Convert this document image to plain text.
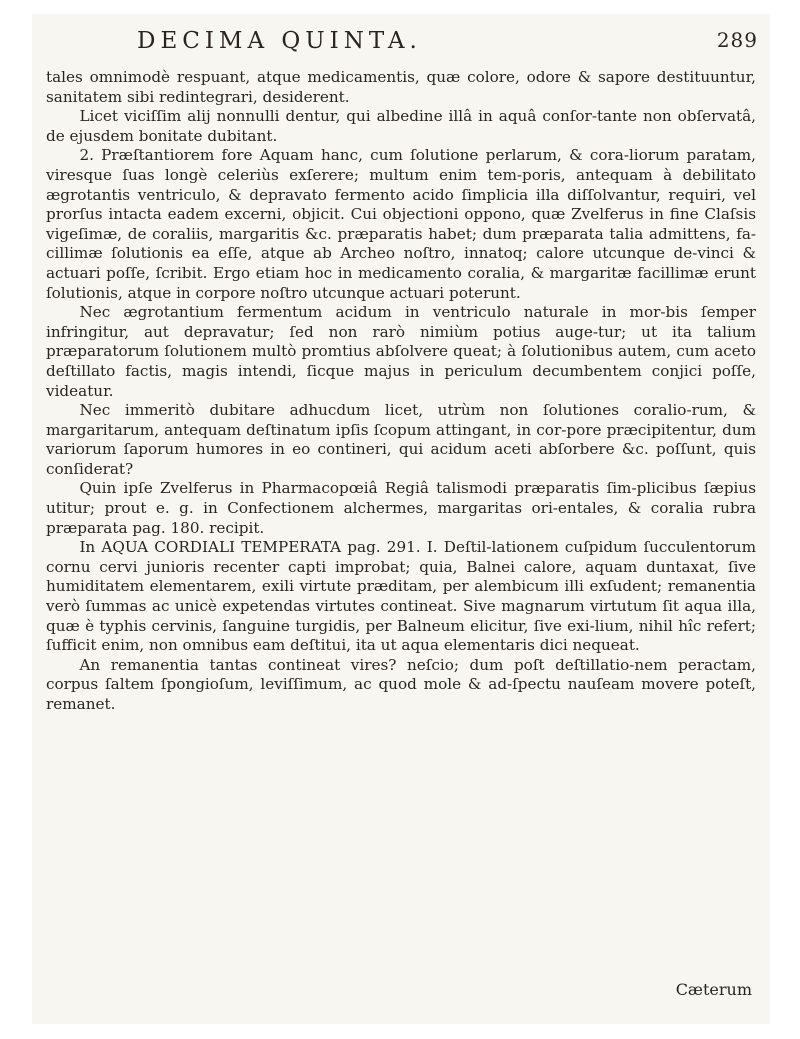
DECIMA QUINTA.	289

tales omnimodè respuant, atque medicamentis, quæ colore, odore & sapore destituuntur, sanitatem sibi redintegrari, desiderent.

Licet viciſſim alij nonnulli dentur, qui albedine illâ in aquâ conſor-tante non obſervatâ, de ejusdem bonitate dubitant.

2. Præſtantiorem fore Aquam hanc, cum ſolutione perlarum, & cora-liorum paratam, viresque ſuas longè celeriùs exſerere; multum enim tem-poris, antequam à debilitato ægrotantis ventriculo, & depravato fermento acido ſimplicia illa diſſolvantur, requiri, vel prorſus intacta eadem excerni, objicit. Cui objectioni oppono, quæ Zvelferus in fine Claſsis vigeſimæ, de coraliis, margaritis &c. præparatis habet; dum præparata talia admittens, fa-cillimæ ſolutionis ea eſſe, atque ab Archeo noſtro, innatoq; calore utcunque de-vinci & actuari poſſe, ſcribit. Ergo etiam hoc in medicamento coralia, & margaritæ facillimæ erunt ſolutionis, atque in corpore noſtro utcunque actuari poterunt.

Nec ægrotantium fermentum acidum in ventriculo naturale in mor-bis ſemper infringitur, aut depravatur; ſed non rarò nimiùm potius auge-tur; ut ita talium præparatorum ſolutionem multò promtius abſolvere queat; à ſolutionibus autem, cum aceto deſtillato factis, magis intendi, ſicque majus in periculum decumbentem conjici poſſe, videatur.

Nec immeritò dubitare adhucdum licet, utrùm non ſolutiones coralio-rum, & margaritarum, antequam deſtinatum ipſis ſcopum attingant, in cor-pore præcipitentur, dum variorum ſaporum humores in eo contineri, qui acidum aceti abſorbere &c. poſſunt, quis conſiderat?

Quin ipſe Zvelferus in Pharmacopœiâ Regiâ talismodi præparatis ſim-plicibus ſæpius utitur; prout e. g. in Confectionem alchermes, margaritas ori-entales, & coralia rubra præparata pag. 180. recipit.

In AQUA CORDIALI TEMPERATA pag. 291. I. Deſtil-lationem cuſpidum ſucculentorum cornu cervi junioris recenter capti improbat; quia, Balnei calore, aquam duntaxat, ſive humiditatem elementarem, exili virtute præditam, per alembicum illi exſudent; remanentia verò ſummas ac unicè expetendas virtutes contineat. Sive magnarum virtutum ſit aqua illa, quæ è typhis cervinis, ſanguine turgidis, per Balneum elicitur, ſive exi-lium, nihil hîc refert; ſufficit enim, non omnibus eam deſtitui, ita ut aqua elementaris dici nequeat.

An remanentia tantas contineat vires? neſcio; dum poſt deſtillatio-nem peractam, corpus ſaltem ſpongioſum, leviſſimum, ac quod mole & ad-ſpectu nauſeam movere poteſt, remanet.

Cæterum
